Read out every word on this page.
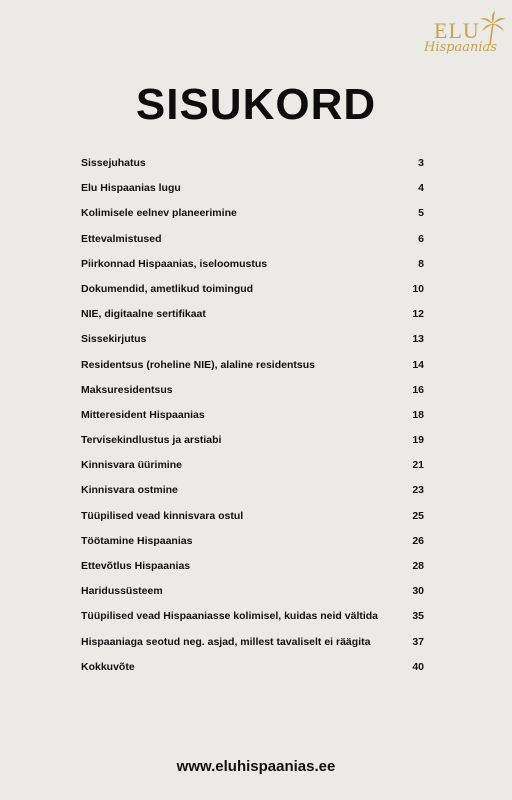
ELU
Hispaanias
SISUKORD
Sissejuhatus	3
Elu Hispaanias lugu	4
Kolimisele eelnev planeerimine	5
Ettevalmistused	6
Piirkonnad Hispaanias, iseloomustus	8
Dokumendid, ametlikud toimingud	10
NIE, digitaalne sertifikaat	12
Sissekirjutus	13
Residentsus (roheline NIE), alaline residentsus	14
Maksuresidentsus	16
Mitteresident Hispaanias	18
Tervisekindlustus ja arstiabi	19
Kinnisvara üürimine	21
Kinnisvara ostmine	23
Tüüpilised vead kinnisvara ostul	25
Töötamine Hispaanias	26
Ettevõtlus Hispaanias	28
Haridussüsteem	30
Tüüpilised vead Hispaaniasse kolimisel, kuidas neid vältida	35
Hispaaniaga seotud neg. asjad, millest tavaliselt ei räägita	37
Kokkuvõte	40
www.eluhispaanias.ee
